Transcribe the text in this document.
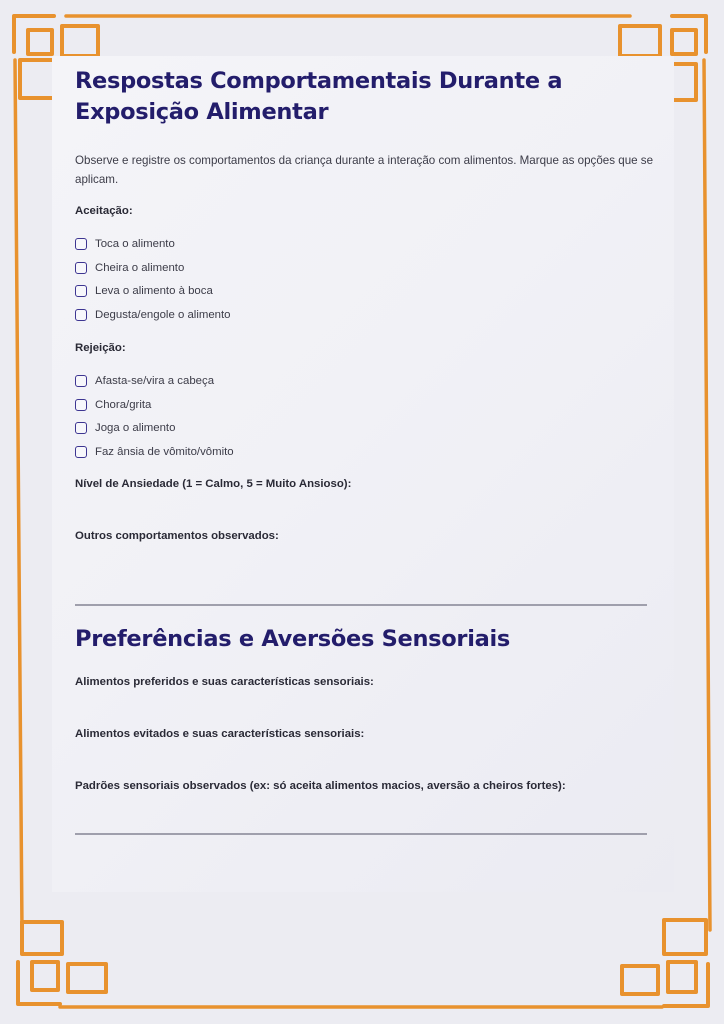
Respostas Comportamentais Durante a Exposição Alimentar

Observe e registre os comportamentos da criança durante a interação com alimentos. Marque as opções que se aplicam.

Aceitação:

Toca o alimento
Cheira o alimento
Leva o alimento à boca
Degusta/engole o alimento

Rejeição:

Afasta-se/vira a cabeça
Chora/grita
Joga o alimento
Faz ânsia de vômito/vômito

Nível de Ansiedade (1 = Calmo, 5 = Muito Ansioso):

Outros comportamentos observados:

Preferências e Aversões Sensoriais

Alimentos preferidos e suas características sensoriais:

Alimentos evitados e suas características sensoriais:

Padrões sensoriais observados (ex: só aceita alimentos macios, aversão a cheiros fortes):
